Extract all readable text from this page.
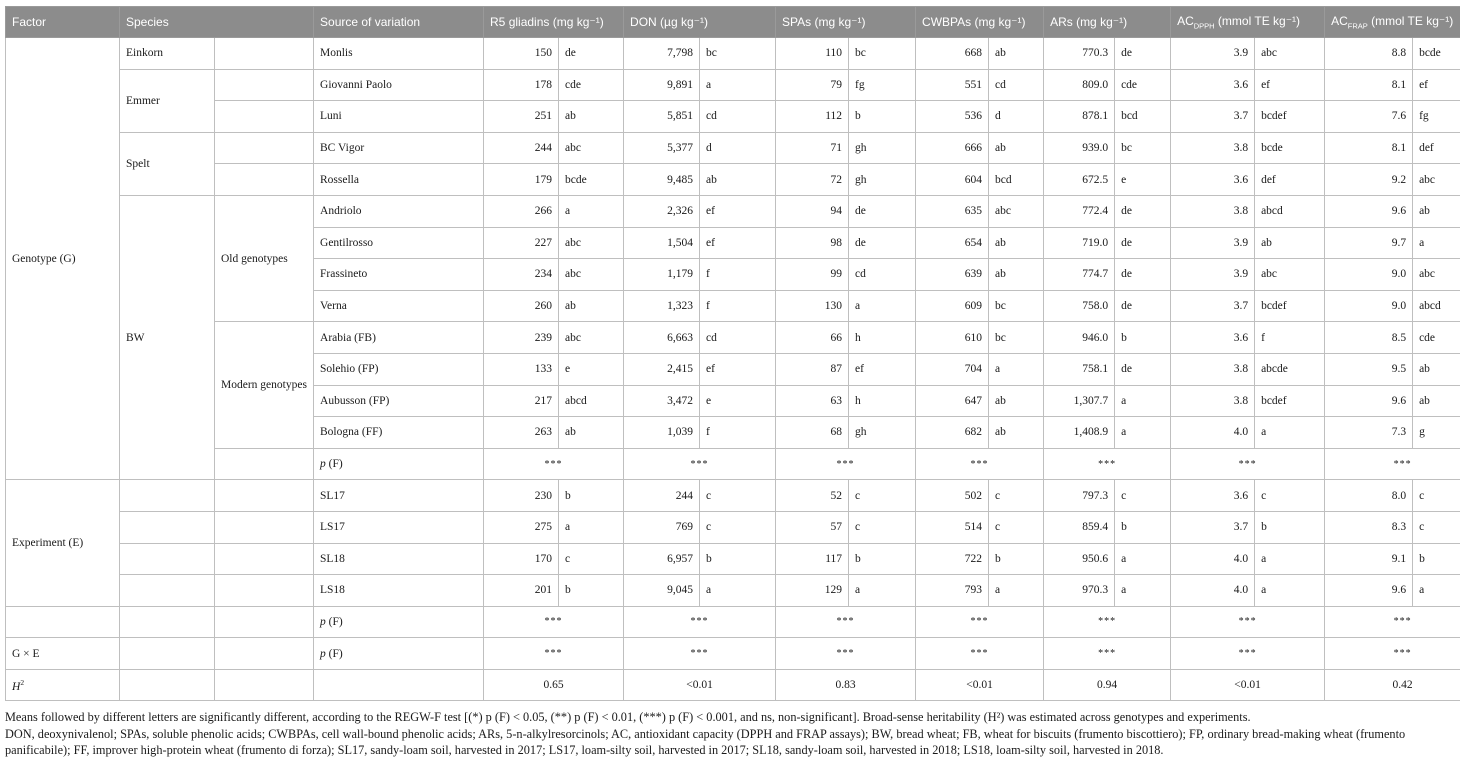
Factor	Species		Source of variation	R5 gliadins (mg kg⁻¹)		DON (µg kg⁻¹)		SPAs (mg kg⁻¹)		CWBPAs (mg kg⁻¹)		ARs (mg kg⁻¹)		$AC_{DPPH}$ (mmol TE kg⁻¹)		$AC_{FRAP}$ (mmol TE kg⁻¹)	
Genotype (G)	Einkorn		Monlis	150	de	7,798	bc	110	bc	668	ab	770.3	de	3.9	abc	8.8	bcde
	Emmer		Giovanni Paolo	178	cde	9,891	a	79	fg	551	cd	809.0	cde	3.6	ef	8.1	ef
			Luni	251	ab	5,851	cd	112	b	536	d	878.1	bcd	3.7	bcdef	7.6	fg
	Spelt		BC Vigor	244	abc	5,377	d	71	gh	666	ab	939.0	bc	3.8	bcde	8.1	def
			Rossella	179	bcde	9,485	ab	72	gh	604	bcd	672.5	e	3.6	def	9.2	abc
	BW	Old genotypes	Andriolo	266	a	2,326	ef	94	de	635	abc	772.4	de	3.8	abcd	9.6	ab
			Gentilrosso	227	abc	1,504	ef	98	de	654	ab	719.0	de	3.9	ab	9.7	a
			Frassineto	234	abc	1,179	f	99	cd	639	ab	774.7	de	3.9	abc	9.0	abc
			Verna	260	ab	1,323	f	130	a	609	bc	758.0	de	3.7	bcdef	9.0	abcd
		Modern genotypes	Arabia (FB)	239	abc	6,663	cd	66	h	610	bc	946.0	b	3.6	f	8.5	cde
			Solehio (FP)	133	e	2,415	ef	87	ef	704	a	758.1	de	3.8	abcde	9.5	ab
			Aubusson (FP)	217	abcd	3,472	e	63	h	647	ab	1,307.7	a	3.8	bcdef	9.6	ab
			Bologna (FF)	263	ab	1,039	f	68	gh	682	ab	1,408.9	a	4.0	a	7.3	g
			p (F)	***		***		***		***		***		***		***	
Experiment (E)			SL17	230	b	244	c	52	c	502	c	797.3	c	3.6	c	8.0	c
			LS17	275	a	769	c	57	c	514	c	859.4	b	3.7	b	8.3	c
			SL18	170	c	6,957	b	117	b	722	b	950.6	a	4.0	a	9.1	b
			LS18	201	b	9,045	a	129	a	793	a	970.3	a	4.0	a	9.6	a
			p (F)	***		***		***		***		***		***		***	
G × E			p (F)	***		***		***		***		***		***		***	
$H^2$				0.65		<0.01		0.83		<0.01		0.94		<0.01		0.42	

Means followed by different letters are significantly different, according to the REGW-F test [(*) p (F) < 0.05, (**) p (F) < 0.01, (***) p (F) < 0.001, and ns, non-significant]. Broad-sense heritability (H²) was estimated across genotypes and experiments.

DON, deoxynivalenol; SPAs, soluble phenolic acids; CWBPAs, cell wall-bound phenolic acids; ARs, 5-n-alkylresorcinols; AC, antioxidant capacity (DPPH and FRAP assays); BW, bread wheat; FB, wheat for biscuits (frumento biscottiero); FP, ordinary bread-making wheat (frumento panificabile); FF, improver high-protein wheat (frumento di forza); SL17, sandy-loam soil, harvested in 2017; LS17, loam-silty soil, harvested in 2017; SL18, sandy-loam soil, harvested in 2018; LS18, loam-silty soil, harvested in 2018.
